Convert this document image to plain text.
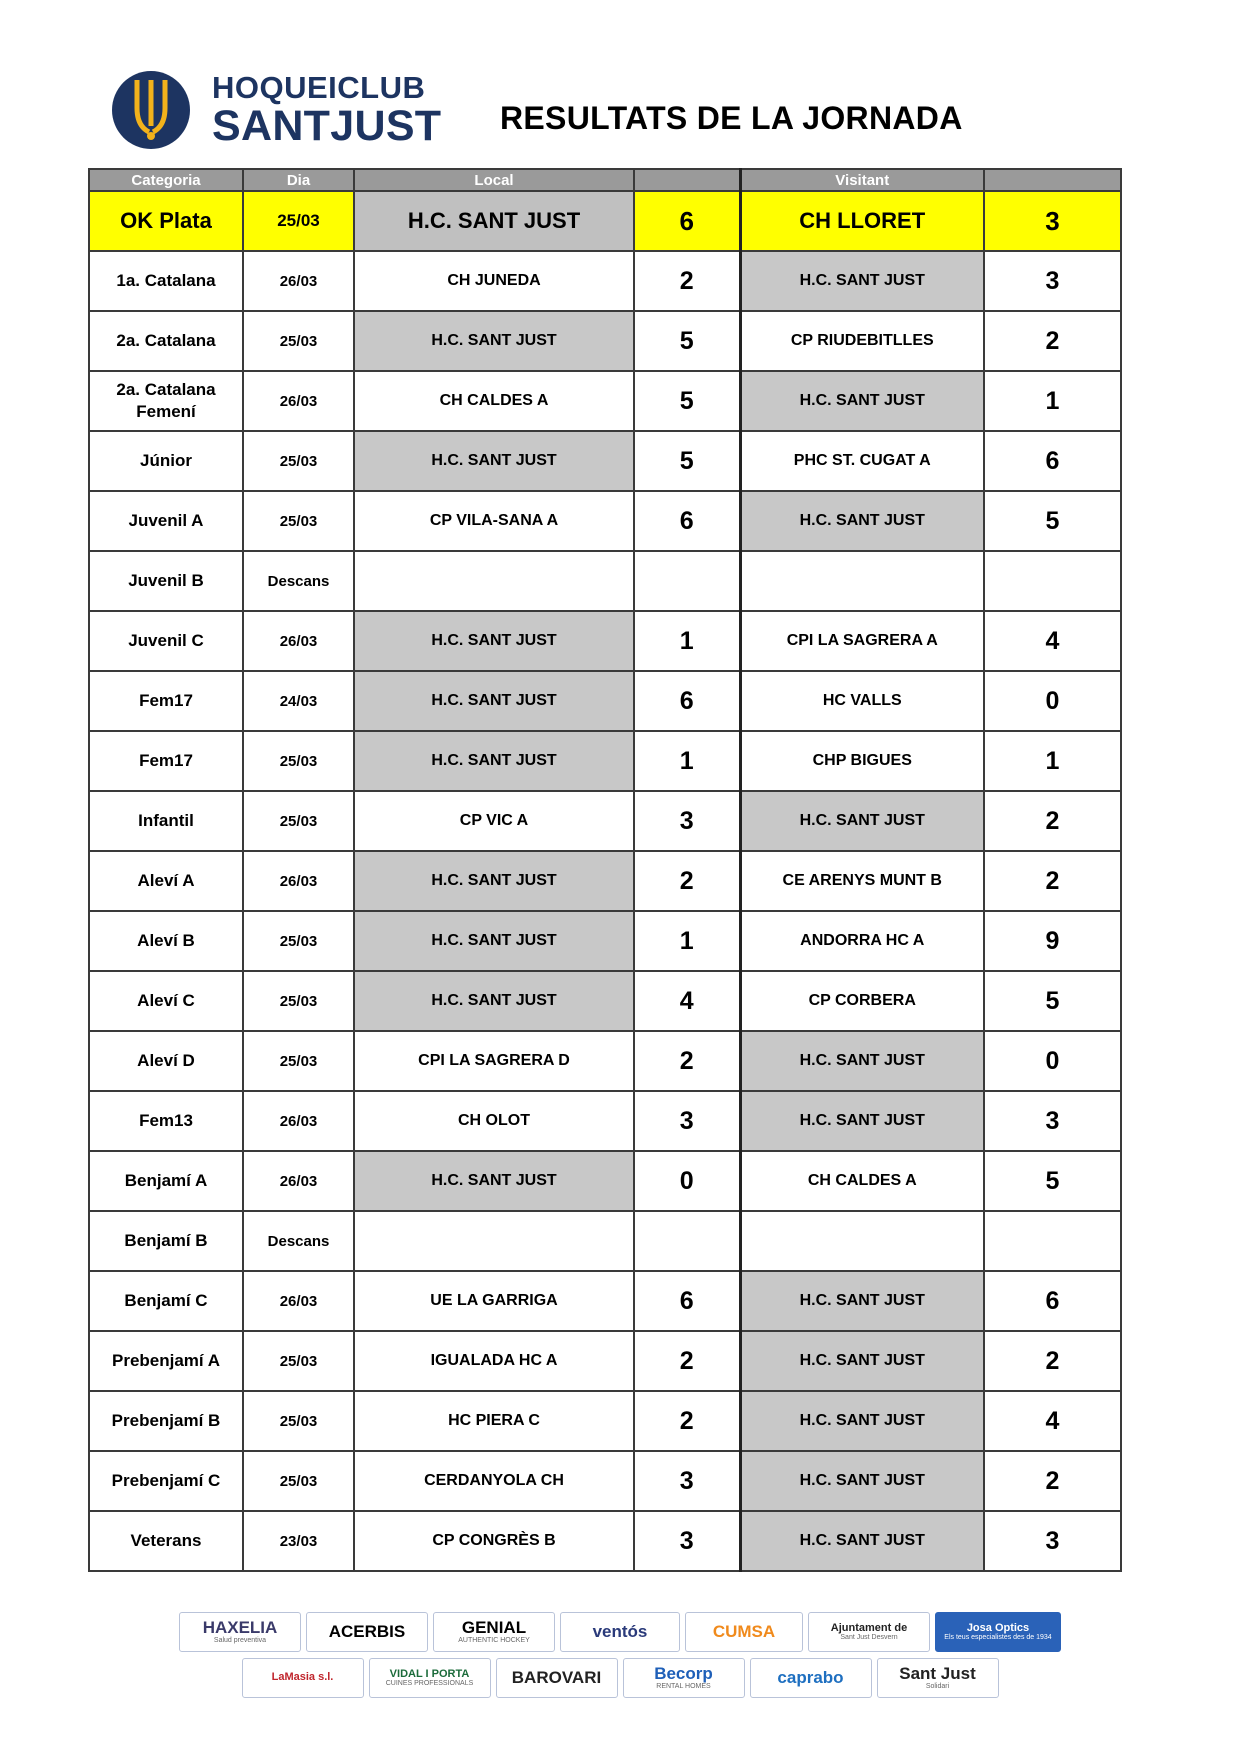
HOQUEICLUB
SANTJUST RESULTATS DE LA JORNADA
Categoria	Dia	Local		Visitant	
OK Plata	25/03	H.C. SANT JUST	6	CH LLORET	3
1a. Catalana	26/03	CH JUNEDA	2	H.C. SANT JUST	3
2a. Catalana	25/03	H.C. SANT JUST	5	CP RIUDEBITLLES	2
2a. Catalana Femení	26/03	CH CALDES A	5	H.C. SANT JUST	1
Júnior	25/03	H.C. SANT JUST	5	PHC ST. CUGAT A	6
Juvenil A	25/03	CP VILA-SANA A	6	H.C. SANT JUST	5
Juvenil B	Descans				
Juvenil C	26/03	H.C. SANT JUST	1	CPI LA SAGRERA A	4
Fem17	24/03	H.C. SANT JUST	6	HC VALLS	0
Fem17	25/03	H.C. SANT JUST	1	CHP BIGUES	1
Infantil	25/03	CP VIC A	3	H.C. SANT JUST	2
Aleví A	26/03	H.C. SANT JUST	2	CE ARENYS MUNT B	2
Aleví B	25/03	H.C. SANT JUST	1	ANDORRA HC A	9
Aleví C	25/03	H.C. SANT JUST	4	CP CORBERA	5
Aleví D	25/03	CPI LA SAGRERA D	2	H.C. SANT JUST	0
Fem13	26/03	CH OLOT	3	H.C. SANT JUST	3
Benjamí A	26/03	H.C. SANT JUST	0	CH CALDES A	5
Benjamí B	Descans				
Benjamí C	26/03	UE LA GARRIGA	6	H.C. SANT JUST	6
Prebenjamí A	25/03	IGUALADA HC A	2	H.C. SANT JUST	2
Prebenjamí B	25/03	HC PIERA C	2	H.C. SANT JUST	4
Prebenjamí C	25/03	CERDANYOLA CH	3	H.C. SANT JUST	2
Veterans	23/03	CP CONGRÈS B	3	H.C. SANT JUST	3
HAXELIA
Salud preventiva	ACERBIS	GENIAL
AUTHENTIC HOCKEY	ventós	CUMSA	Ajuntament de
Sant Just Desvern
Josa Optics
Els teus especialistes des de 1934
LaMasia s.l.	VIDAL I PORTA
CUINES PROFESSIONALS BAROVARI	Becorp
RENTAL HOMES	caprabo	Sant Just
Solidari
